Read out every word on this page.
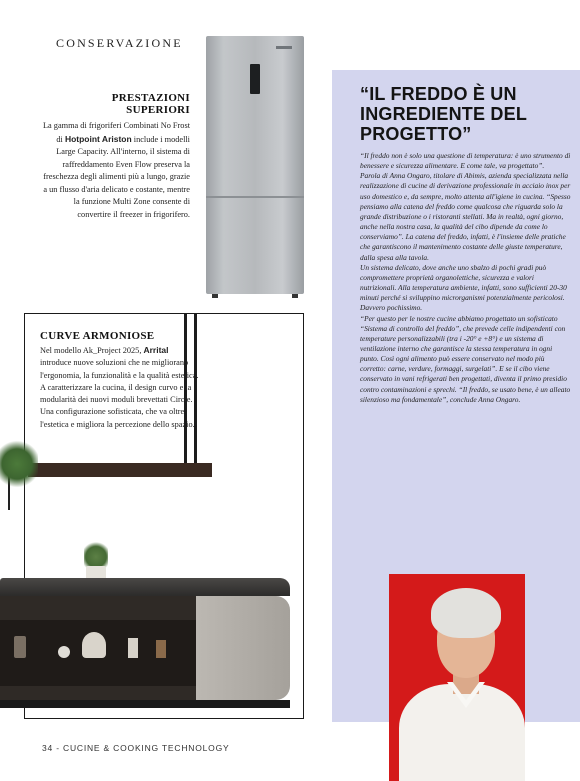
CONSERVAZIONE
PRESTAZIONI
SUPERIORI
La gamma di frigoriferi Combinati No Frost di Hotpoint Ariston include i modelli Large Capacity. All'interno, il sistema di raffreddamento Even Flow preserva la freschezza degli alimenti più a lungo, grazie a un flusso d'aria delicato e costante, mentre la funzione Multi Zone consente di convertire il freezer in frigorifero.
“IL FREDDO È UN INGREDIENTE DEL PROGETTO”

“Il freddo non è solo una questione di temperatura: è uno strumento di benessere e sicurezza alimentare. E come tale, va progettato”.

Parola di Anna Ongaro, titolare di Abimis, azienda specializzata nella realizzazione di cucine di derivazione professionale in acciaio inox per uso domestico e, da sempre, molto attenta all'igiene in cucina. “Spesso pensiamo alla catena del freddo come qualcosa che riguarda solo la grande distribuzione o i ristoranti stellati. Ma in realtà, ogni giorno, anche nella nostra casa, la qualità del cibo dipende da come lo conserviamo”. La catena del freddo, infatti, è l'insieme delle pratiche che garantiscono il mantenimento costante delle giuste temperature, dalla spesa alla tavola.

Un sistema delicato, dove anche uno sbalzo di pochi gradi può compromettere proprietà organolettiche, sicurezza e valori nutrizionali. Alla temperatura ambiente, infatti, sono sufficienti 20-30 minuti perché si sviluppino microrganismi potenzialmente pericolosi. Davvero pochissimo.

“Per questo per le nostre cucine abbiamo progettato un sofisticato “Sistema di controllo del freddo”, che prevede celle indipendenti con temperature personalizzabili (tra i -20° e +8°) e un sistema di ventilazione interno che garantisce la stessa temperatura in ogni punto. Così ogni alimento può essere conservato nel modo più corretto: carne, verdure, formaggi, surgelati”. E se il cibo viene conservato in vani refrigerati ben progettati, diventa il primo presidio contro contaminazioni e sprechi. “Il freddo, se usato bene, è un alleato silenzioso ma fondamentale”, conclude Anna Ongaro.

CURVE ARMONIOSE
Nel modello Ak_Project 2025, Arrital introduce nuove soluzioni che ne migliorano l'ergonomia, la funzionalità e la qualità estetica. A caratterizzare la cucina, il design curvo e la modularità dei nuovi moduli brevettati Circle. Una configurazione sofisticata, che va oltre l'estetica e migliora la percezione dello spazio.
34 - CUCINE & COOKING TECHNOLOGY
